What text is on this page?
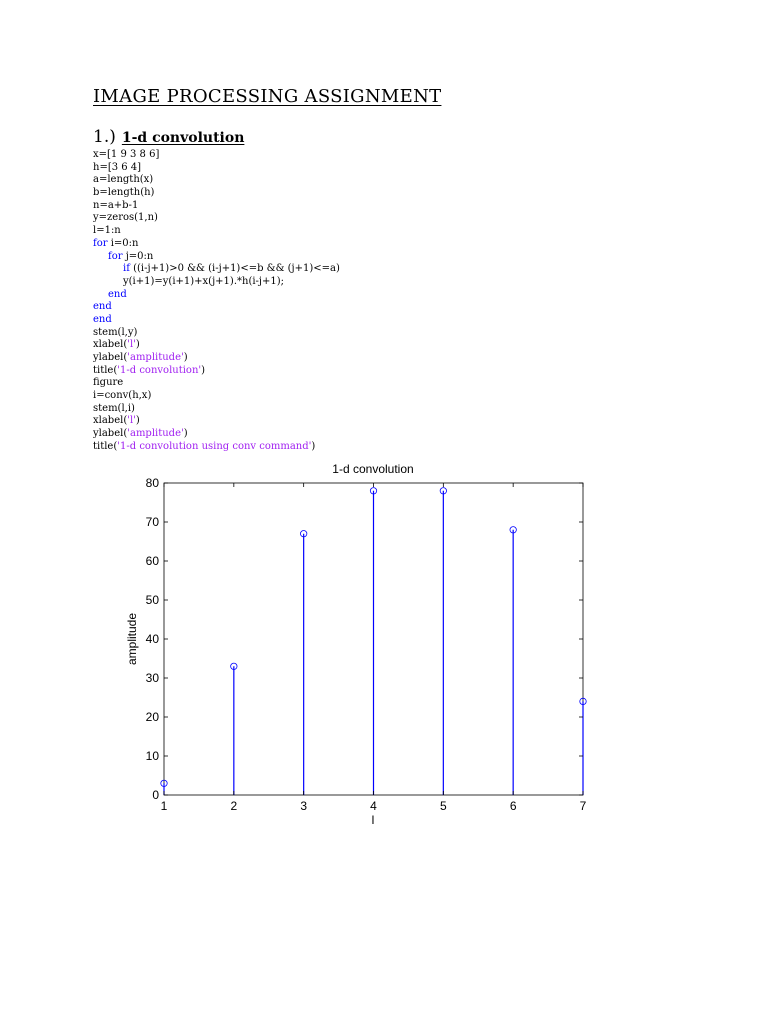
IMAGE PROCESSING ASSIGNMENT
1.) 1-d convolution
x=[1 9 3 8 6]
h=[3 6 4]
a=length(x)
b=length(h)
n=a+b-1
y=zeros(1,n)
l=1:n
for i=0:n
for j=0:n
if ((i-j+1)>0 && (i-j+1)<=b && (j+1)<=a)
y(i+1)=y(i+1)+x(j+1).*h(i-j+1);
end
end
end
stem(l,y)
xlabel('l')
ylabel('amplitude')
title('1-d convolution')
figure
i=conv(h,x)
stem(l,i)
xlabel('l')
ylabel('amplitude')
title('1-d convolution using conv command')
1-d convolution
0
10
20
30
40
50
60
70
80
1	2	3	4	5	6	7
l
amplitude
